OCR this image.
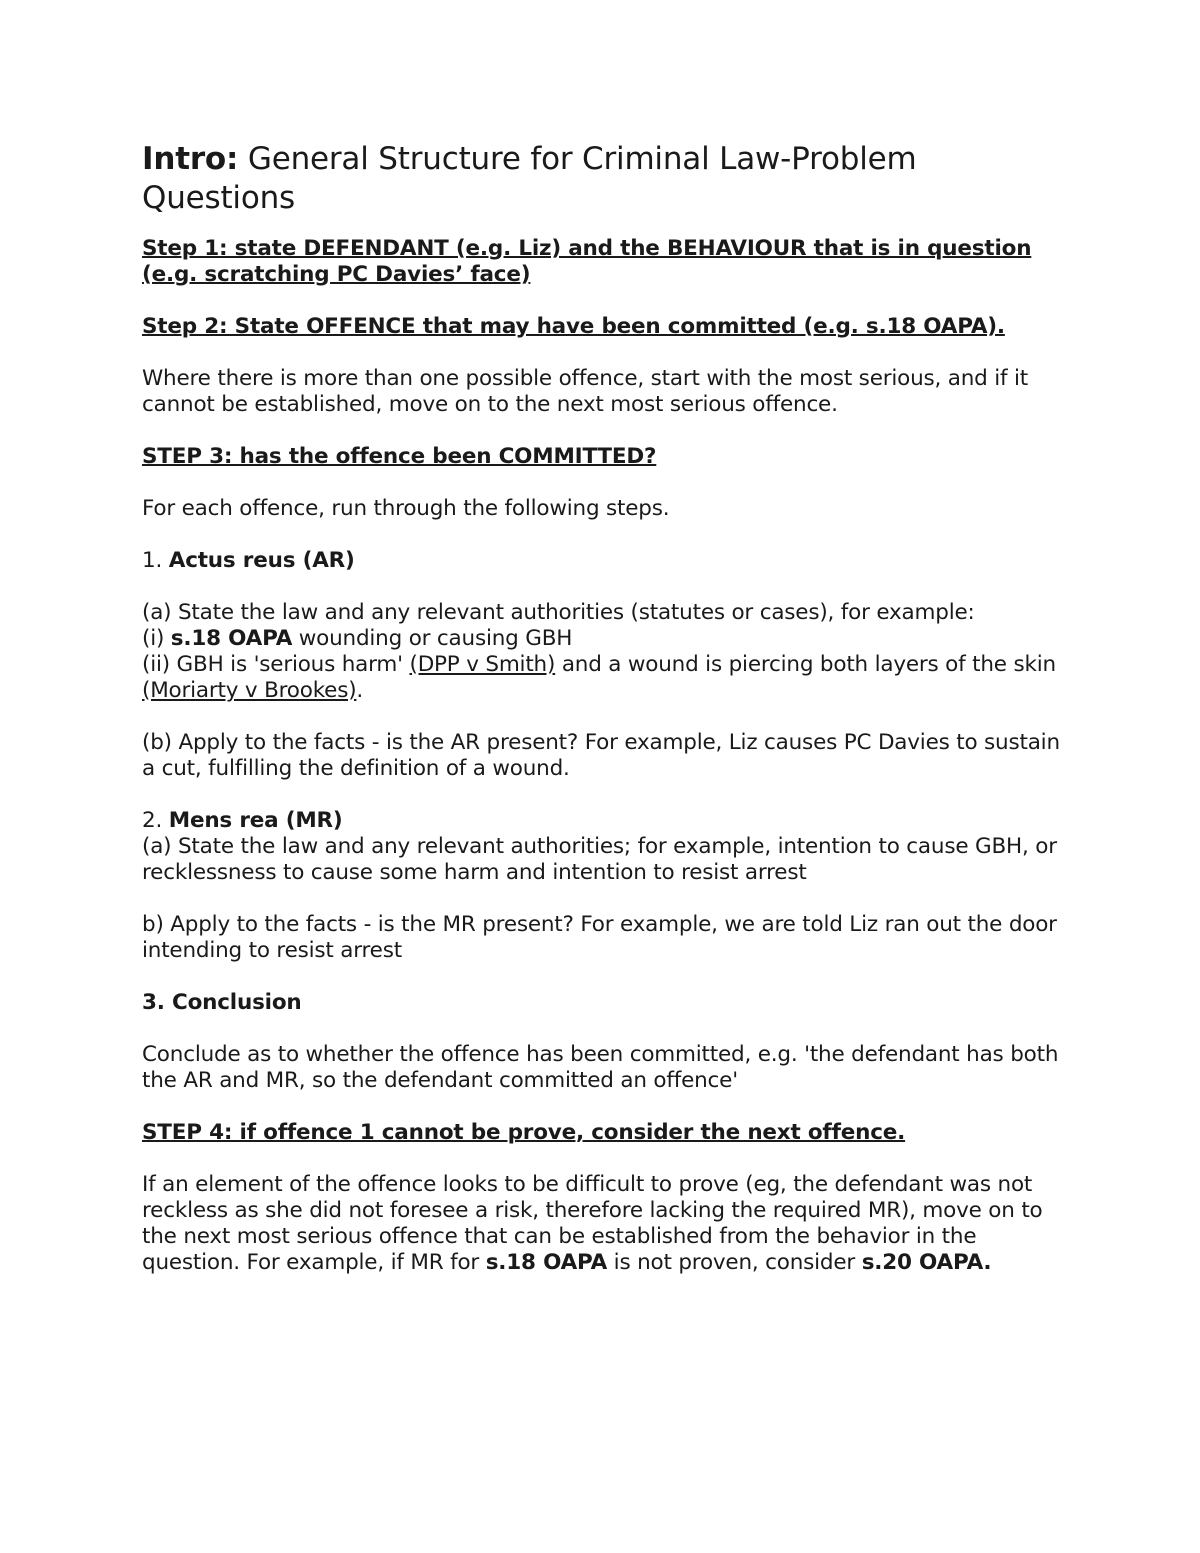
Intro: General Structure for Criminal Law-Problem Questions

Step 1: state DEFENDANT (e.g. Liz) and the BEHAVIOUR that is in question (e.g. scratching PC Davies’ face)

Step 2: State OFFENCE that may have been committed (e.g. s.18 OAPA).

Where there is more than one possible offence, start with the most serious, and if it cannot be established, move on to the next most serious offence.

STEP 3: has the offence been COMMITTED?

For each offence, run through the following steps.

1. Actus reus (AR)

(a) State the law and any relevant authorities (statutes or cases), for example:

(i) s.18 OAPA wounding or causing GBH

(ii) GBH is 'serious harm' (DPP v Smith) and a wound is piercing both layers of the skin (Moriarty v Brookes).

(b) Apply to the facts - is the AR present? For example, Liz causes PC Davies to sustain a cut, fulfilling the definition of a wound.

2. Mens rea (MR)

(a) State the law and any relevant authorities; for example, intention to cause GBH, or

recklessness to cause some harm and intention to resist arrest

b) Apply to the facts - is the MR present? For example, we are told Liz ran out the door

intending to resist arrest

3. Conclusion

Conclude as to whether the offence has been committed, e.g. 'the defendant has both the AR and MR, so the defendant committed an offence'

STEP 4: if offence 1 cannot be prove, consider the next offence.

If an element of the offence looks to be difficult to prove (eg, the defendant was not reckless as she did not foresee a risk, therefore lacking the required MR), move on to the next most serious offence that can be established from the behavior in the question. For example, if MR for s.18 OAPA is not proven, consider s.20 OAPA.
